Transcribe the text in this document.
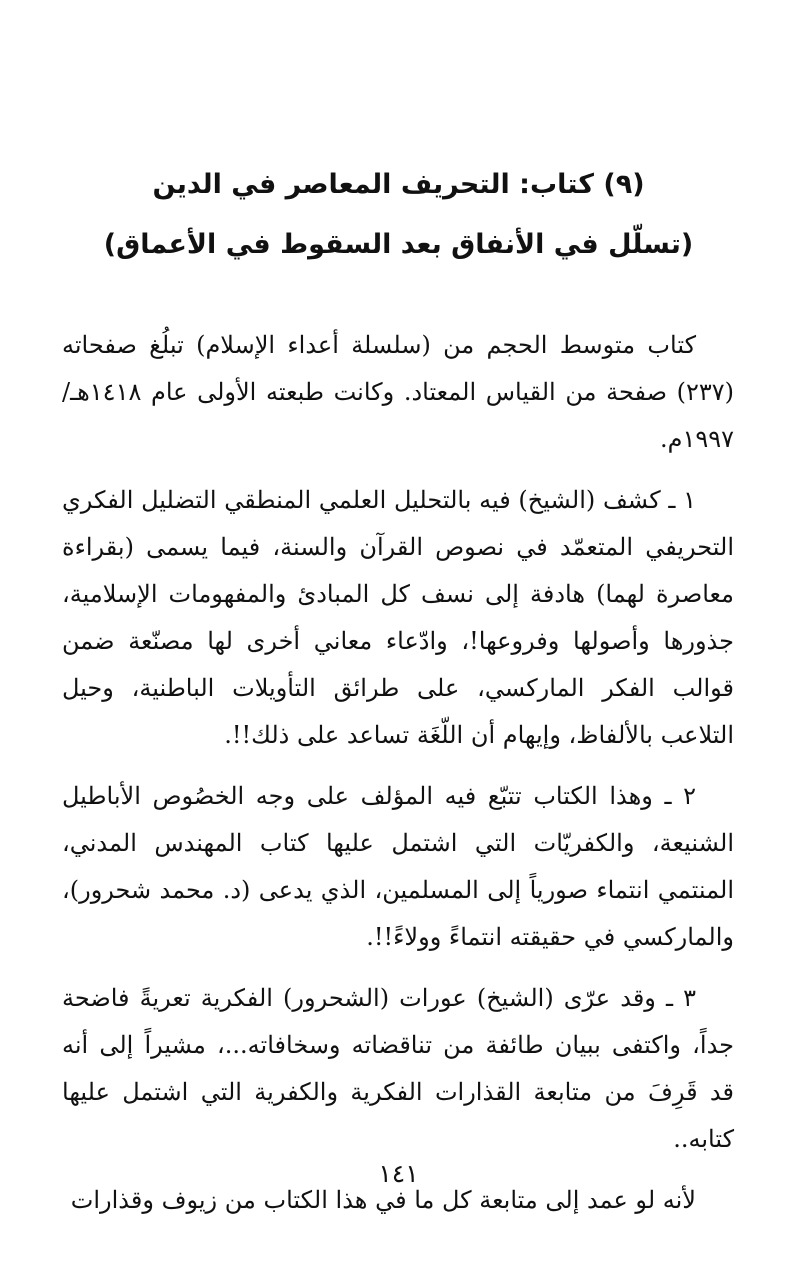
(٩) كتاب: التحريف المعاصر في الدين
(تسلّل في الأنفاق بعد السقوط في الأعماق)

كتاب متوسط الحجم من (سلسلة أعداء الإسلام) تبلُغ صفحاته (٢٣٧) صفحة من القياس المعتاد. وكانت طبعته الأولى عام ١٤١٨هـ/ ١٩٩٧م.

١ ـ كشف (الشيخ) فيه بالتحليل العلمي المنطقي التضليل الفكري التحريفي المتعمّد في نصوص القرآن والسنة، فيما يسمى (بقراءة معاصرة لهما) هادفة إلى نسف كل المبادئ والمفهومات الإسلامية، جذورها وأصولها وفروعها!، وادّعاء معاني أخرى لها مصنّعة ضمن قوالب الفكر الماركسي، على طرائق التأويلات الباطنية، وحيل التلاعب بالألفاظ، وإيهام أن اللّغَة تساعد على ذلك!!.

٢ ـ وهذا الكتاب تتبّع فيه المؤلف على وجه الخصُوص الأباطيل الشنيعة، والكفريّات التي اشتمل عليها كتاب المهندس المدني، المنتمي انتماء صورياً إلى المسلمين، الذي يدعى (د. محمد شحرور)، والماركسي في حقيقته انتماءً وولاءً!!.

٣ ـ وقد عرّى (الشيخ) عورات (الشحرور) الفكرية تعريةً فاضحة جداً، واكتفى ببيان طائفة من تناقضاته وسخافاته...، مشيراً إلى أنه قد قَرِفَ من متابعة القذارات الفكرية والكفرية التي اشتمل عليها كتابه..

لأنه لو عمد إلى متابعة كل ما في هذا الكتاب من زيوف وقذارات

١٤١
